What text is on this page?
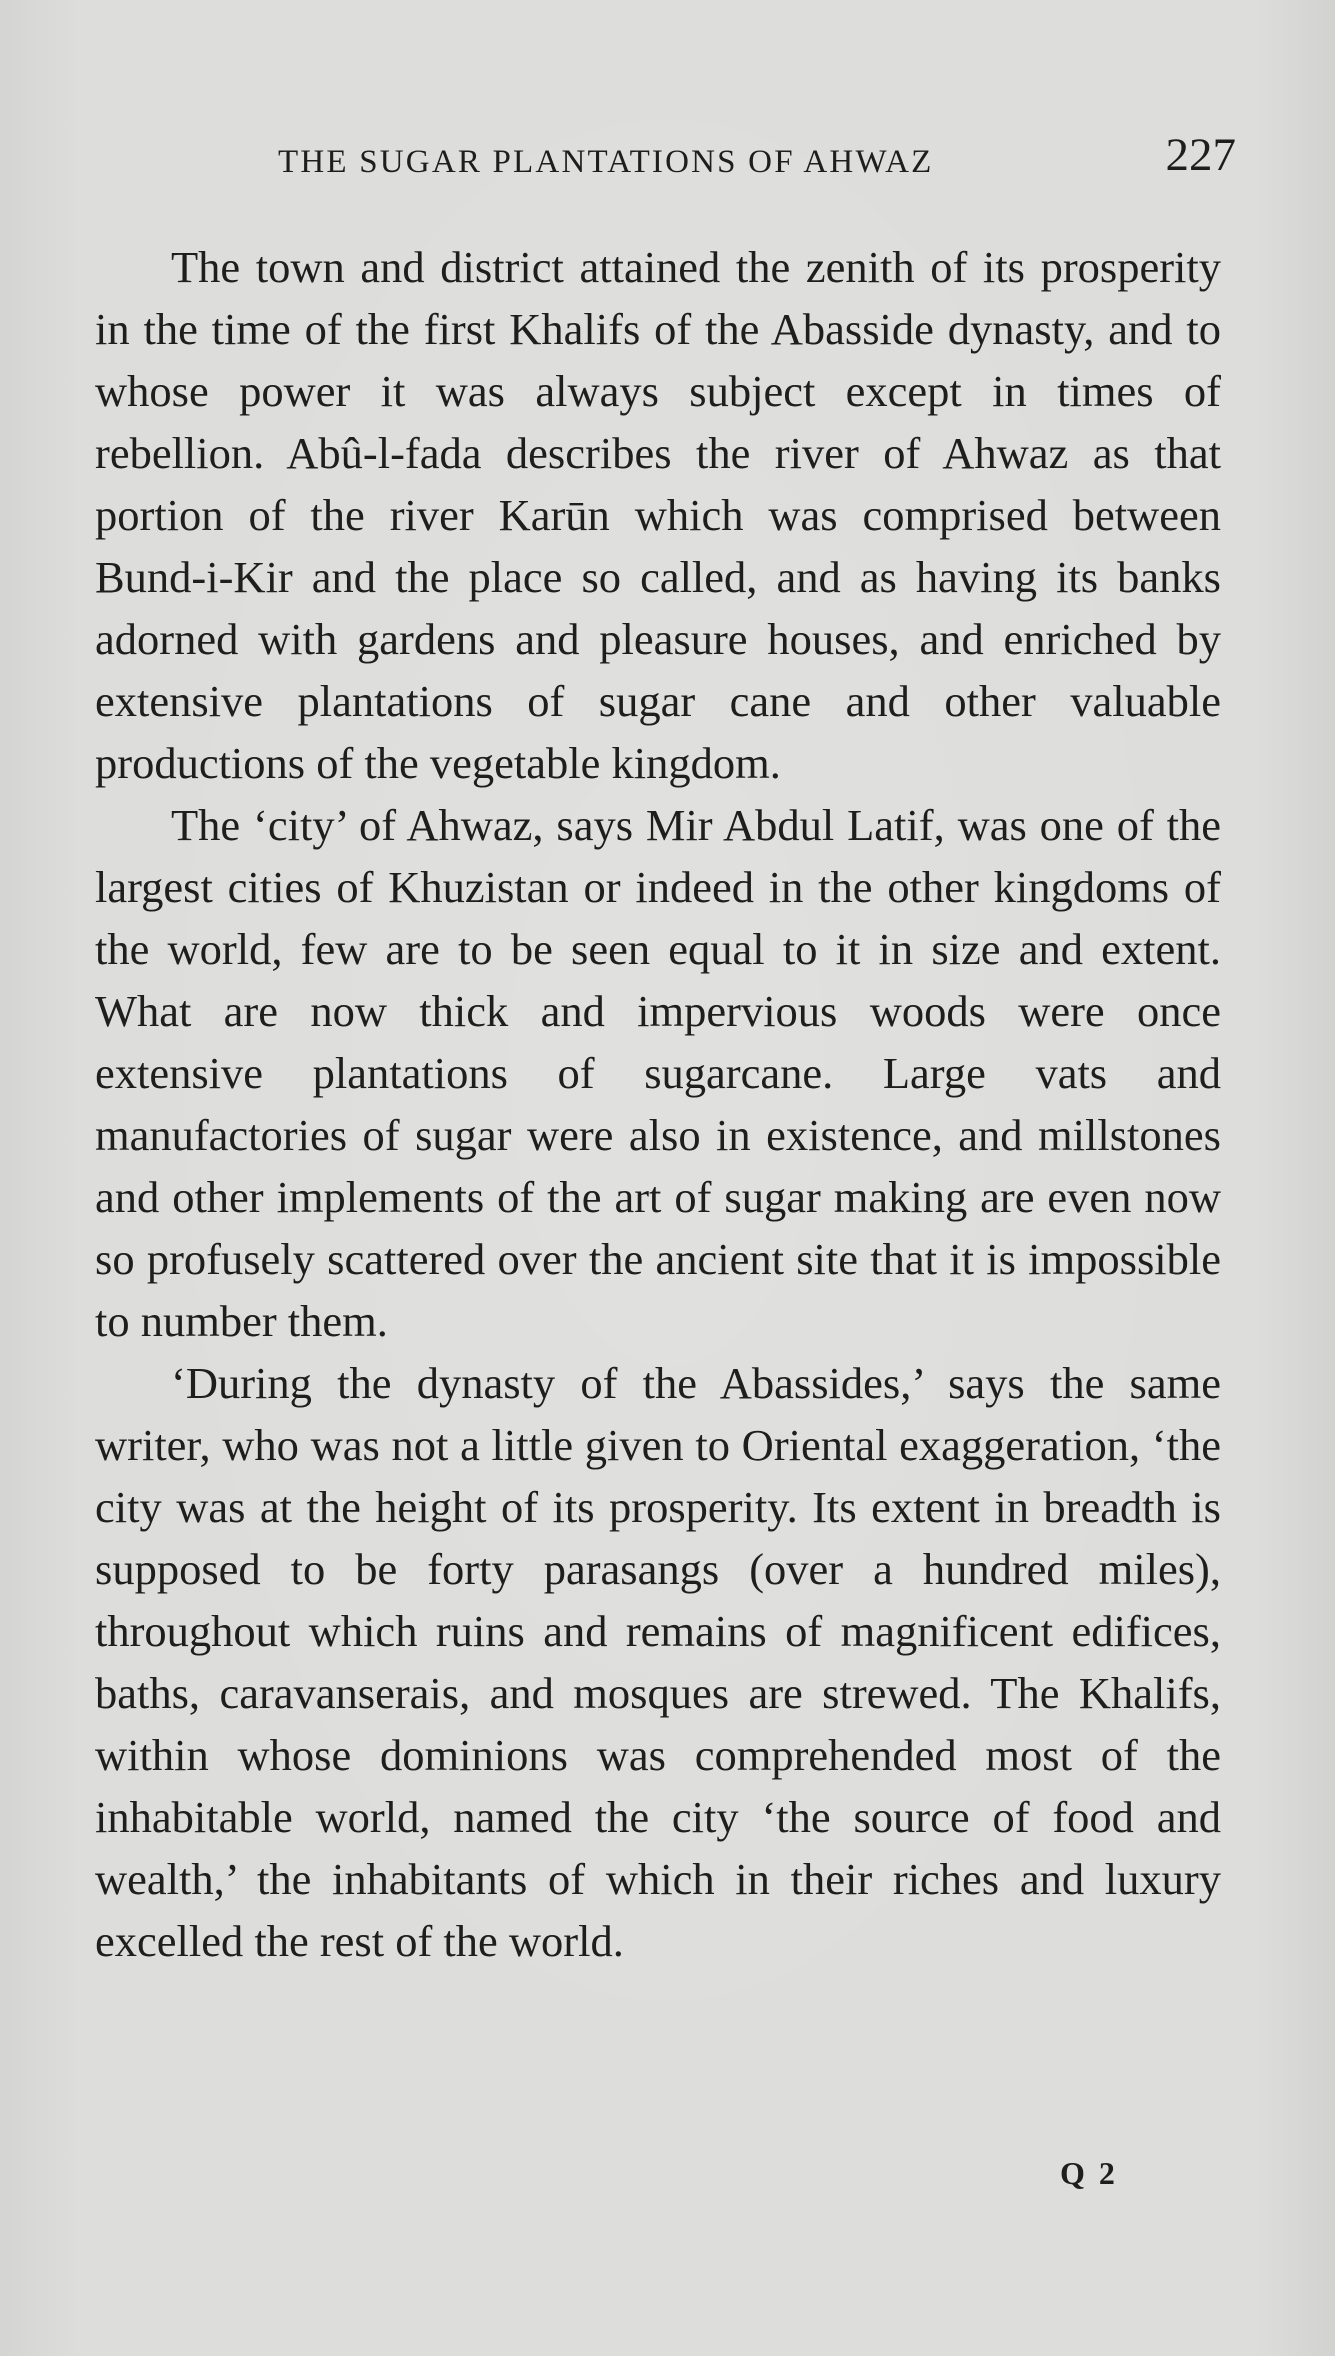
THE SUGAR PLANTATIONS OF AHWAZ	227

The town and district attained the zenith of its prosperity in the time of the first Khalifs of the Abasside dynasty, and to whose power it was always subject except in times of rebellion. Abû-l-fada describes the river of Ahwaz as that portion of the river Karūn which was comprised between Bund-i-Kir and the place so called, and as having its banks adorned with gardens and pleasure houses, and enriched by extensive plantations of sugar cane and other valuable productions of the vegetable kingdom.

The ‘city’ of Ahwaz, says Mir Abdul Latif, was one of the largest cities of Khuzistan or indeed in the other kingdoms of the world, few are to be seen equal to it in size and extent. What are now thick and impervious woods were once extensive plantations of sugarcane. Large vats and manufactories of sugar were also in existence, and millstones and other implements of the art of sugar making are even now so profusely scattered over the ancient site that it is impossible to number them.

‘During the dynasty of the Abassides,’ says the same writer, who was not a little given to Oriental exaggeration, ‘the city was at the height of its prosperity. Its extent in breadth is supposed to be forty parasangs (over a hundred miles), throughout which ruins and remains of magnificent edifices, baths, caravanserais, and mosques are strewed. The Khalifs, within whose dominions was comprehended most of the inhabitable world, named the city ‘the source of food and wealth,’ the inhabitants of which in their riches and luxury excelled the rest of the world.

Q 2
